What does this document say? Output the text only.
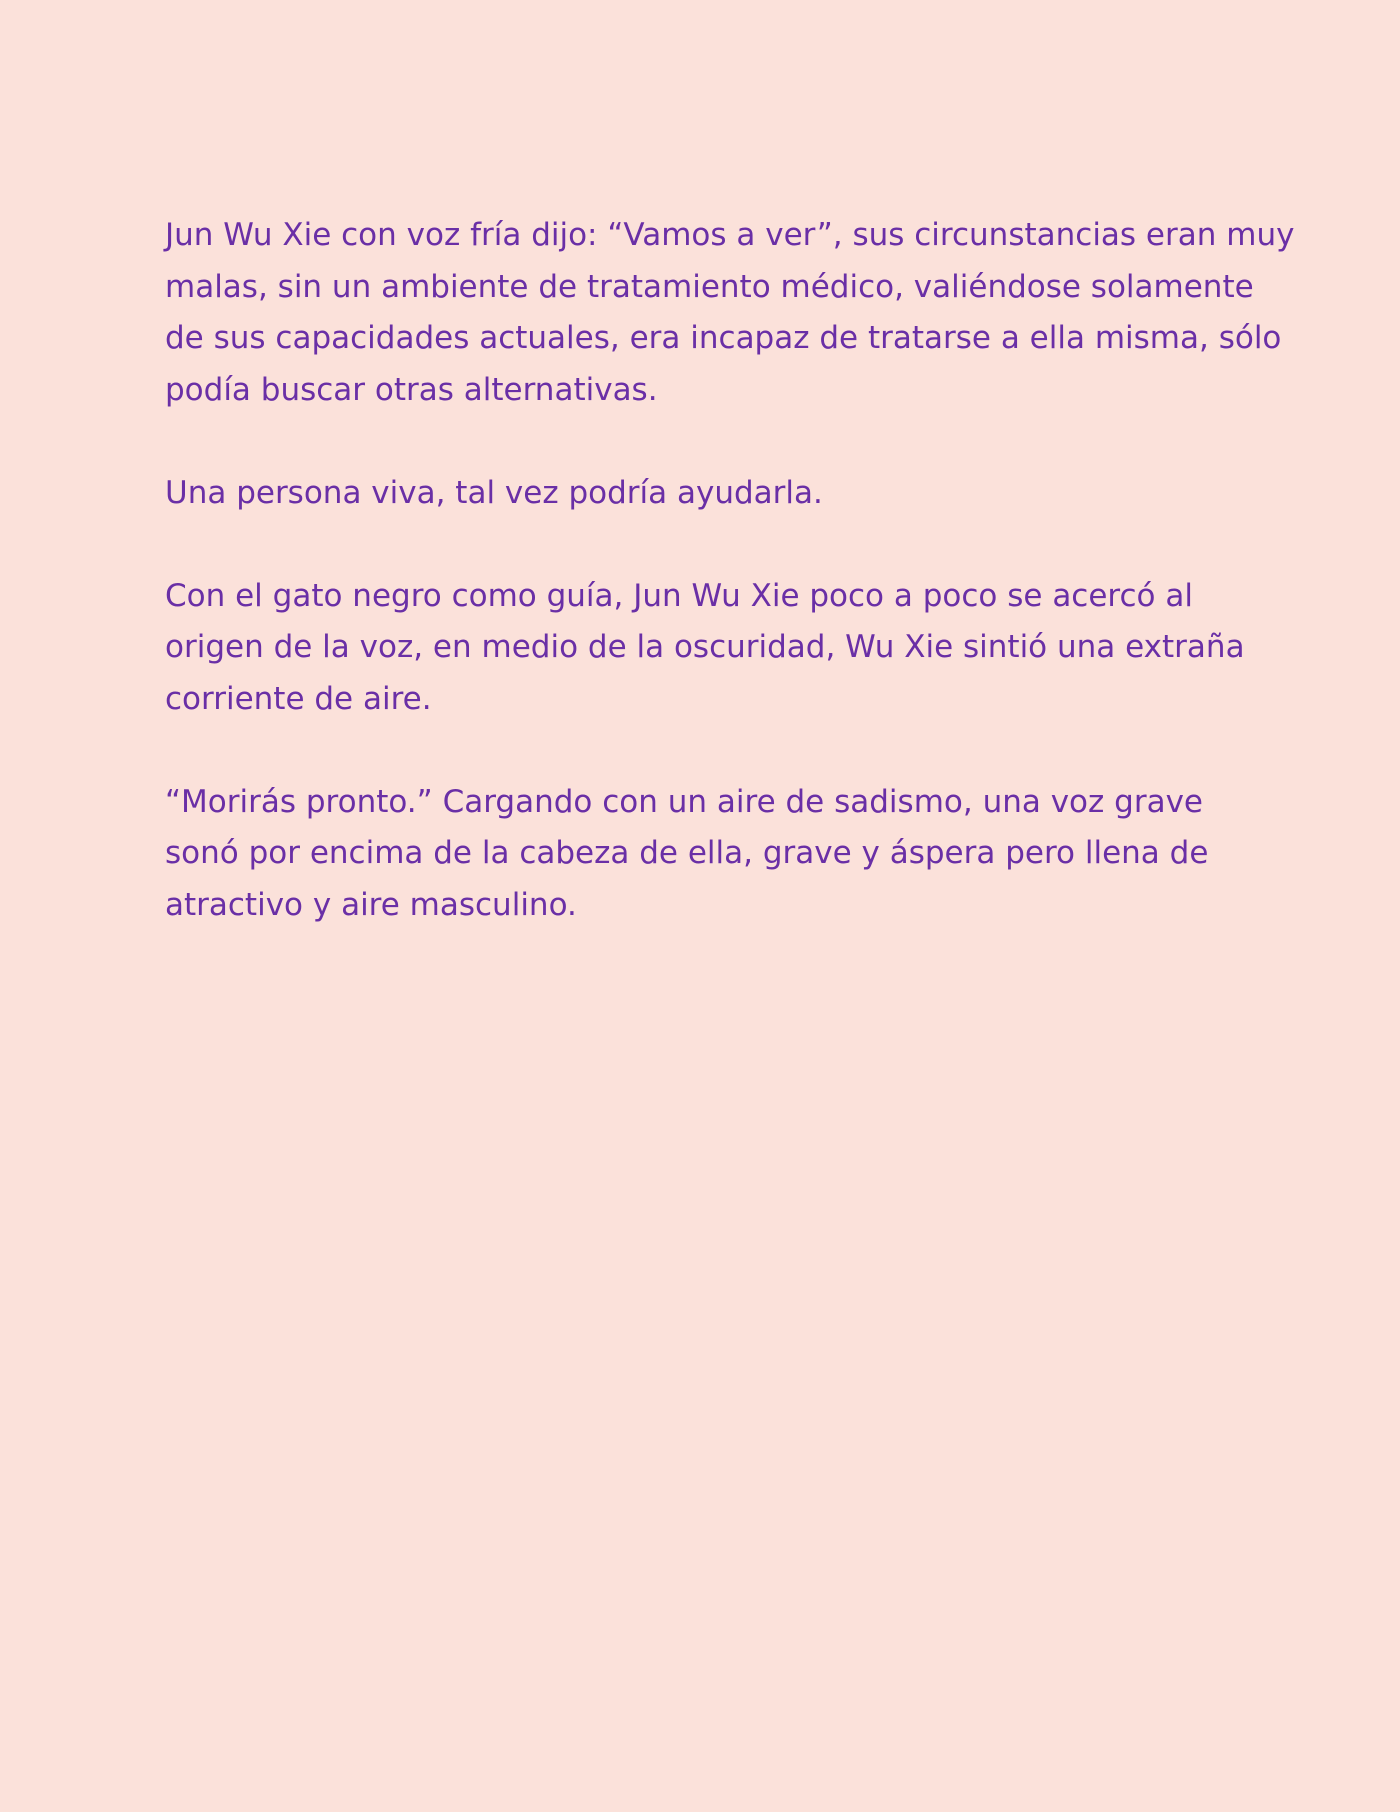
Jun Wu Xie con voz fría dijo: “Vamos a ver”, sus circunstancias eran muy
malas, sin un ambiente de tratamiento médico, valiéndose solamente
de sus capacidades actuales, era incapaz de tratarse a ella misma, sólo
podía buscar otras alternativas.

Una persona viva, tal vez podría ayudarla.

Con el gato negro como guía, Jun Wu Xie poco a poco se acercó al
origen de la voz, en medio de la oscuridad, Wu Xie sintió una extraña
corriente de aire.

“Morirás pronto.” Cargando con un aire de sadismo, una voz grave
sonó por encima de la cabeza de ella, grave y áspera pero llena de
atractivo y aire masculino.
